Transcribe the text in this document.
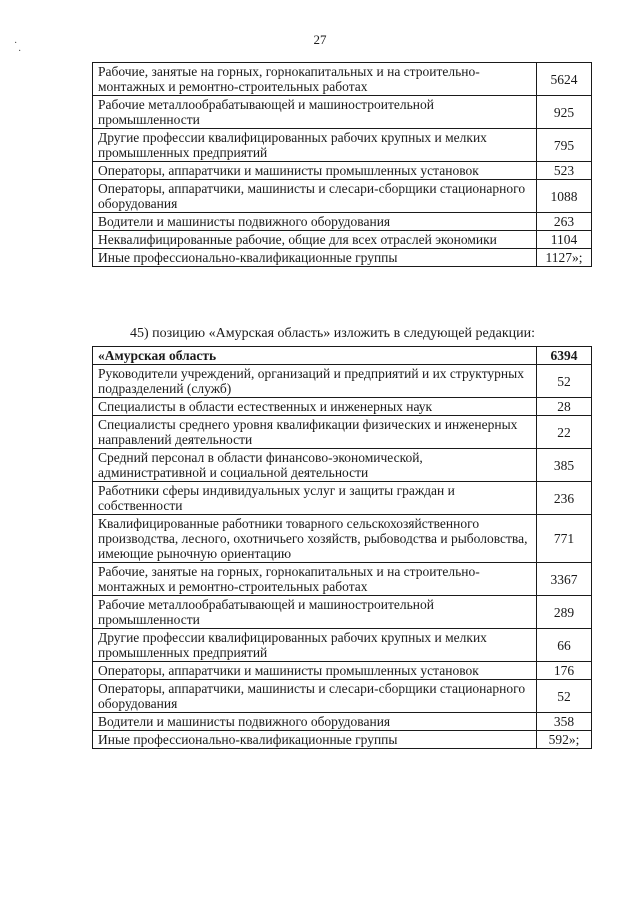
27
·
·
Рабочие, занятые на горных, горнокапитальных и на строительно-монтажных и ремонтно-строительных работах	5624
Рабочие металлообрабатывающей и машиностроительной промышленности	925
Другие профессии квалифицированных рабочих крупных и мелких промышленных предприятий	795
Операторы, аппаратчики и машинисты промышленных установок	523
Операторы, аппаратчики, машинисты и слесари-сборщики стационарного оборудования	1088
Водители и машинисты подвижного оборудования	263
Неквалифицированные рабочие, общие для всех отраслей экономики	1104
Иные профессионально-квалификационные группы	1127»;
45) позицию «Амурская область» изложить в следующей редакции:
«Амурская область	6394
Руководители учреждений, организаций и предприятий и их структурных подразделений (служб)	52
Специалисты в области естественных и инженерных наук	28
Специалисты среднего уровня квалификации физических и инженерных направлений деятельности	22
Средний персонал в области финансово-экономической, административной и социальной деятельности	385
Работники сферы индивидуальных услуг и защиты граждан и собственности	236
Квалифицированные работники товарного сельскохозяйственного производства, лесного, охотничьего хозяйств, рыбоводства и рыболовства, имеющие рыночную ориентацию	771
Рабочие, занятые на горных, горнокапитальных и на строительно-монтажных и ремонтно-строительных работах	3367
Рабочие металлообрабатывающей и машиностроительной промышленности	289
Другие профессии квалифицированных рабочих крупных и мелких промышленных предприятий	66
Операторы, аппаратчики и машинисты промышленных установок	176
Операторы, аппаратчики, машинисты и слесари-сборщики стационарного оборудования	52
Водители и машинисты подвижного оборудования	358
Иные профессионально-квалификационные группы	592»;
